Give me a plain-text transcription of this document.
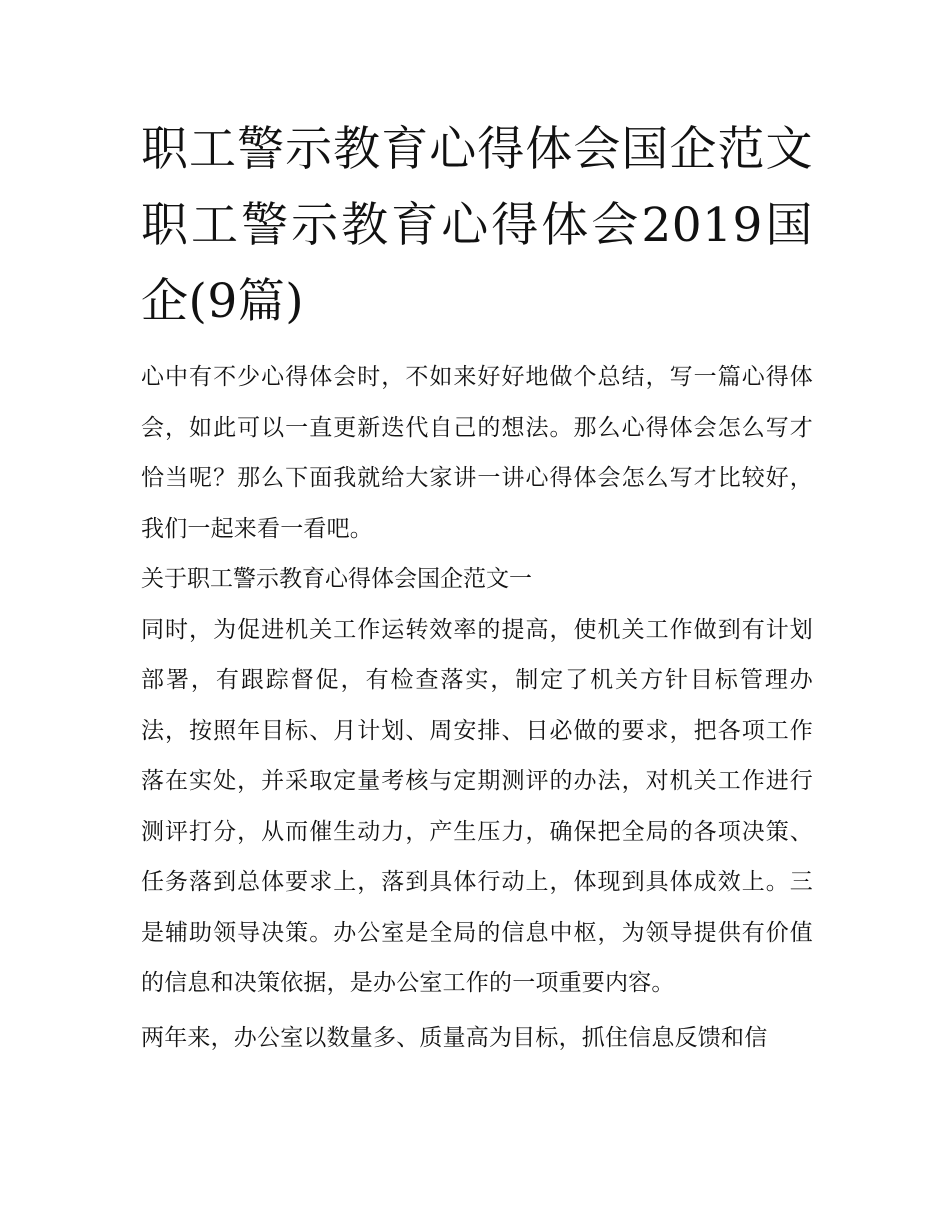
职工警示教育心得体会国企范文 职工警示教育心得体会2019国企(9篇)

心中有不少心得体会时，不如来好好地做个总结，写一篇心得体会，如此可以一直更新迭代自己的想法。那么心得体会怎么写才恰当呢？那么下面我就给大家讲一讲心得体会怎么写才比较好，我们一起来看一看吧。

关于职工警示教育心得体会国企范文一

同时，为促进机关工作运转效率的提高，使机关工作做到有计划部署，有跟踪督促，有检查落实，制定了机关方针目标管理办法，按照年目标、月计划、周安排、日必做的要求，把各项工作落在实处，并采取定量考核与定期测评的办法，对机关工作进行测评打分，从而催生动力，产生压力，确保把全局的各项决策、任务落到总体要求上，落到具体行动上，体现到具体成效上。三是辅助领导决策。办公室是全局的信息中枢，为领导提供有价值的信息和决策依据，是办公室工作的一项重要内容。

两年来，办公室以数量多、质量高为目标，抓住信息反馈和信
